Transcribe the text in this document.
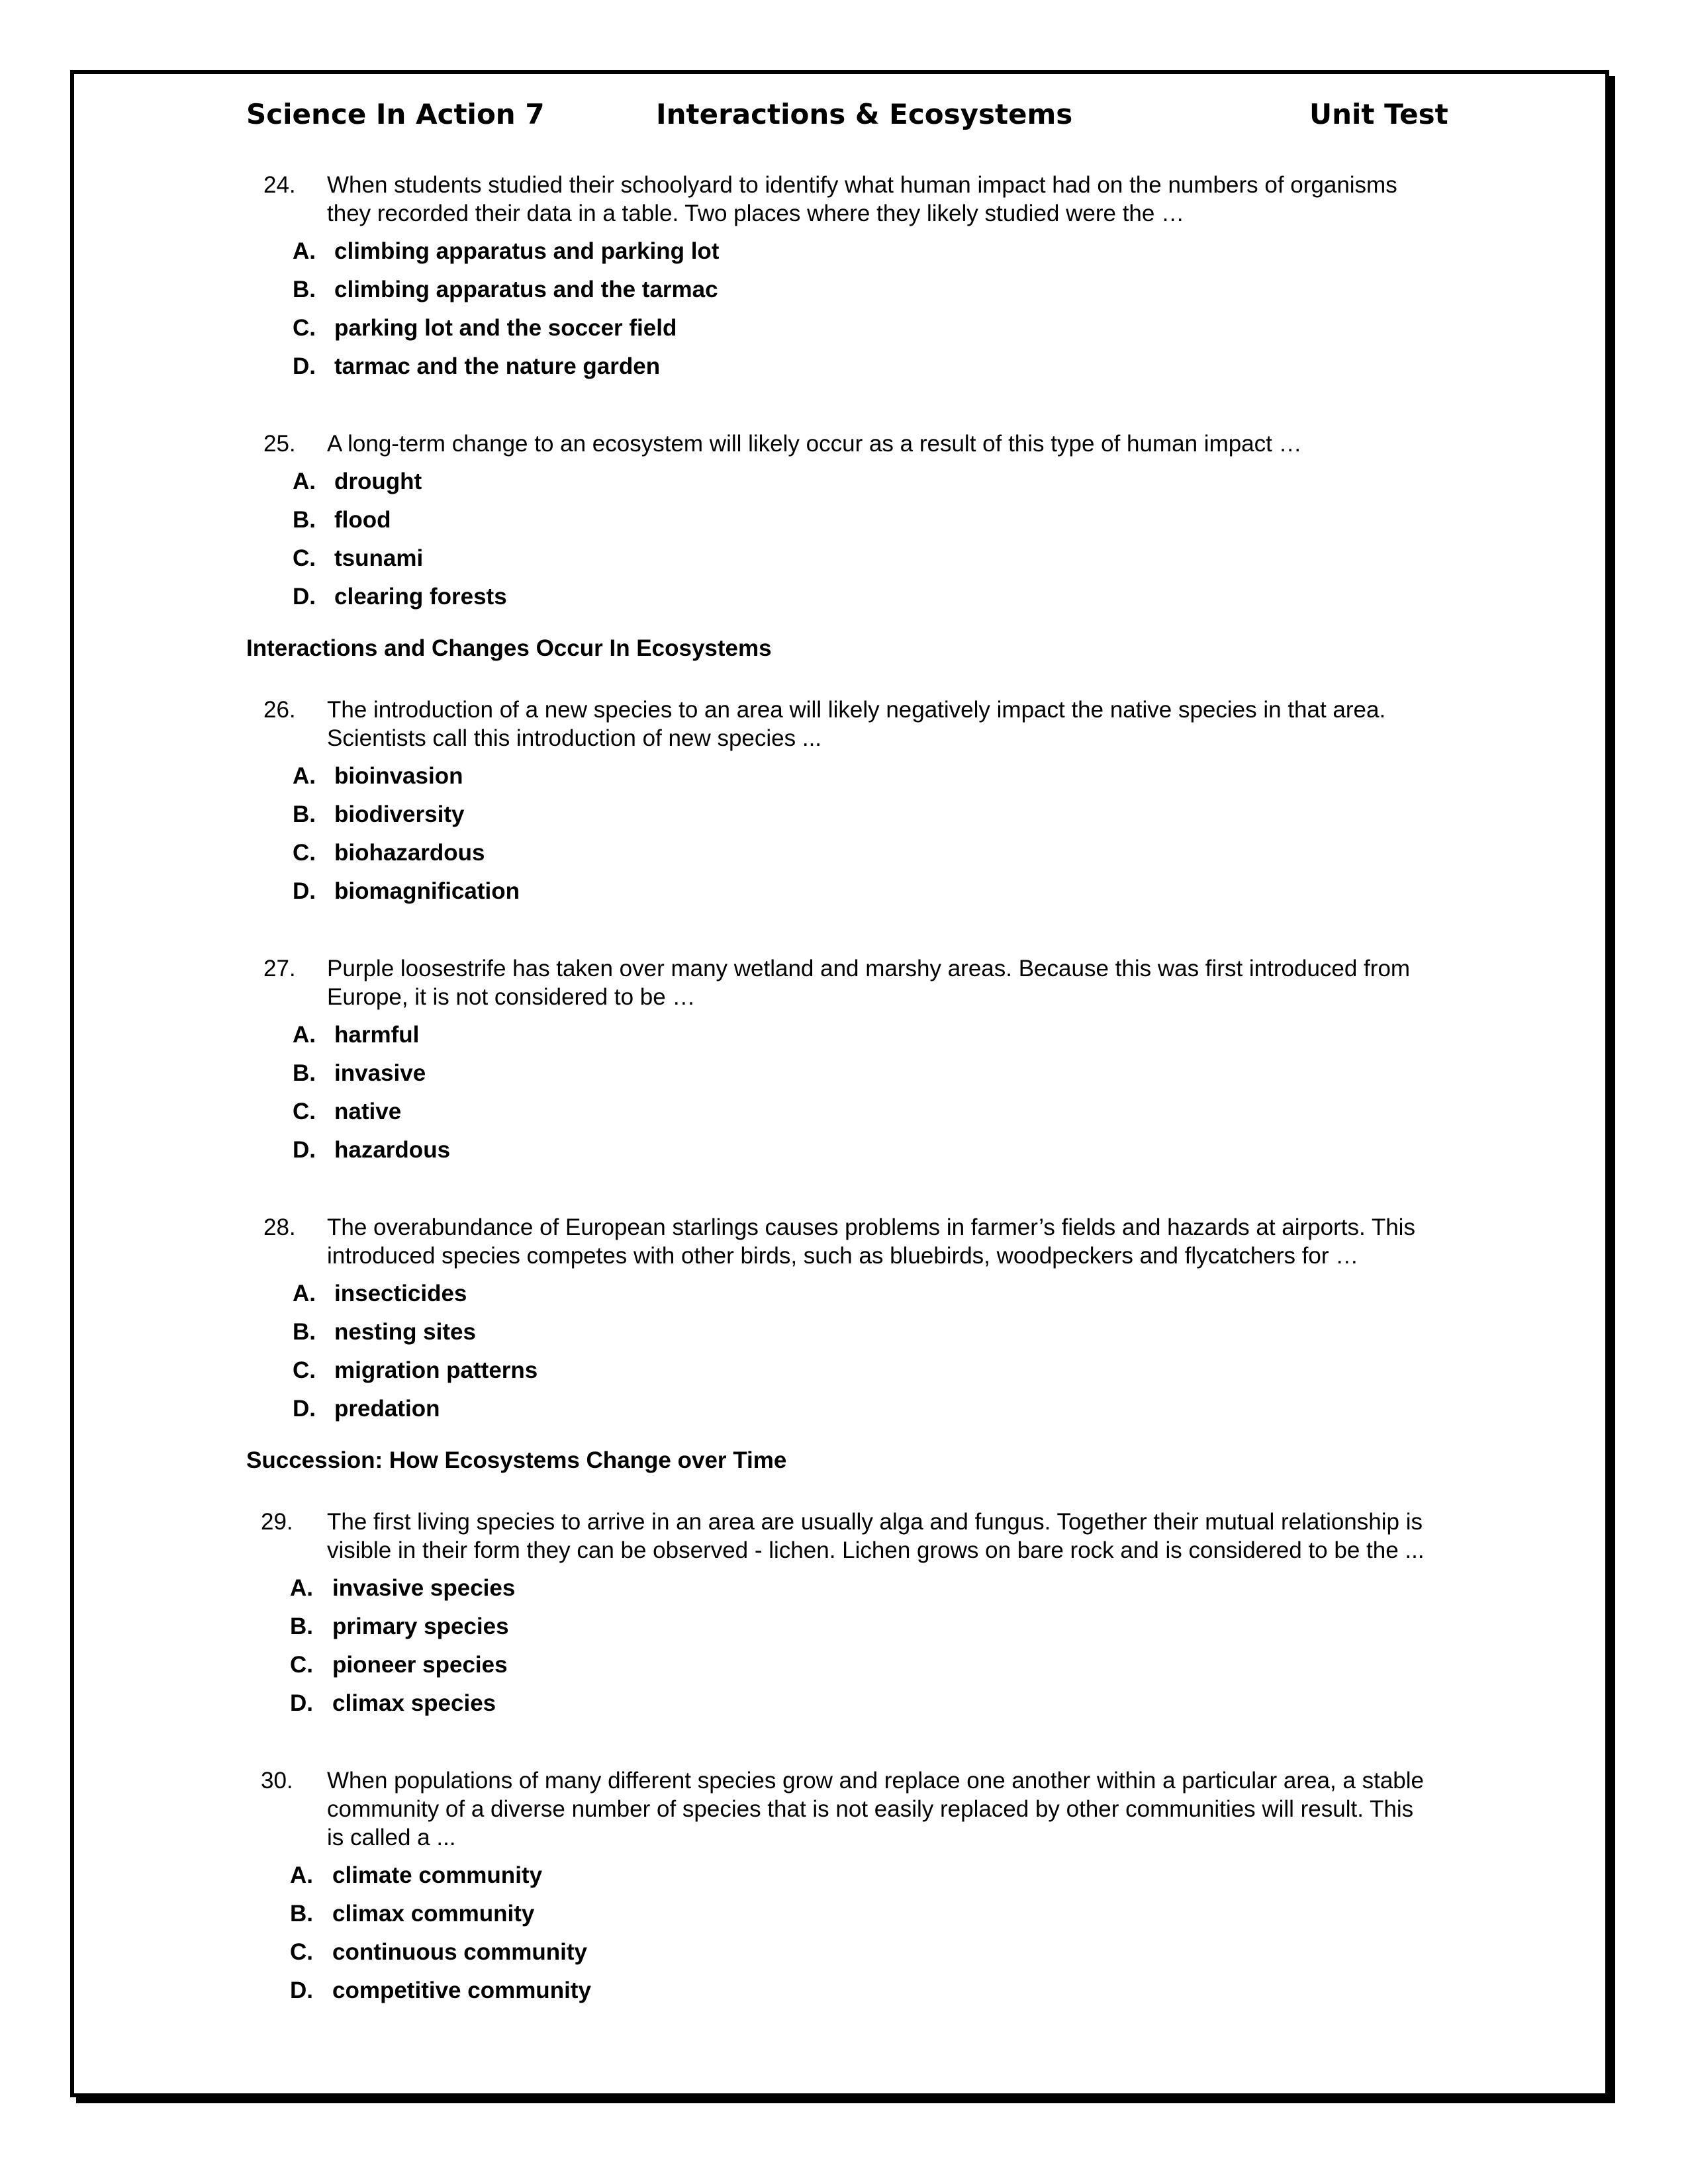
Science In Action 7	Interactions & Ecosystems	Unit Test
24.	When students studied their schoolyard to identify what human impact had on the numbers of organisms
they recorded their data in a table. Two places where they likely studied were the …
A. climbing apparatus and parking lot
B. climbing apparatus and the tarmac
C. parking lot and the soccer field
D. tarmac and the nature garden
25.	A long-term change to an ecosystem will likely occur as a result of this type of human impact …
A. drought
B. flood
C. tsunami
D. clearing forests
Interactions and Changes Occur In Ecosystems
26.	The introduction of a new species to an area will likely negatively impact the native species in that area.
Scientists call this introduction of new species ...
A. bioinvasion
B. biodiversity
C. biohazardous
D. biomagnification
27.	Purple loosestrife has taken over many wetland and marshy areas. Because this was first introduced from
Europe, it is not considered to be …
A. harmful
B. invasive
C. native
D. hazardous
28.	The overabundance of European starlings causes problems in farmer’s fields and hazards at airports. This
introduced species competes with other birds, such as bluebirds, woodpeckers and flycatchers for …
A. insecticides
B. nesting sites
C. migration patterns
D. predation
Succession: How Ecosystems Change over Time
29.	The first living species to arrive in an area are usually alga and fungus. Together their mutual relationship is
visible in their form they can be observed - lichen. Lichen grows on bare rock and is considered to be the ...
A. invasive species
B. primary species
C. pioneer species
D. climax species
30.	When populations of many different species grow and replace one another within a particular area, a stable
community of a diverse number of species that is not easily replaced by other communities will result. This
is called a ...
A. climate community
B. climax community
C. continuous community
D. competitive community
